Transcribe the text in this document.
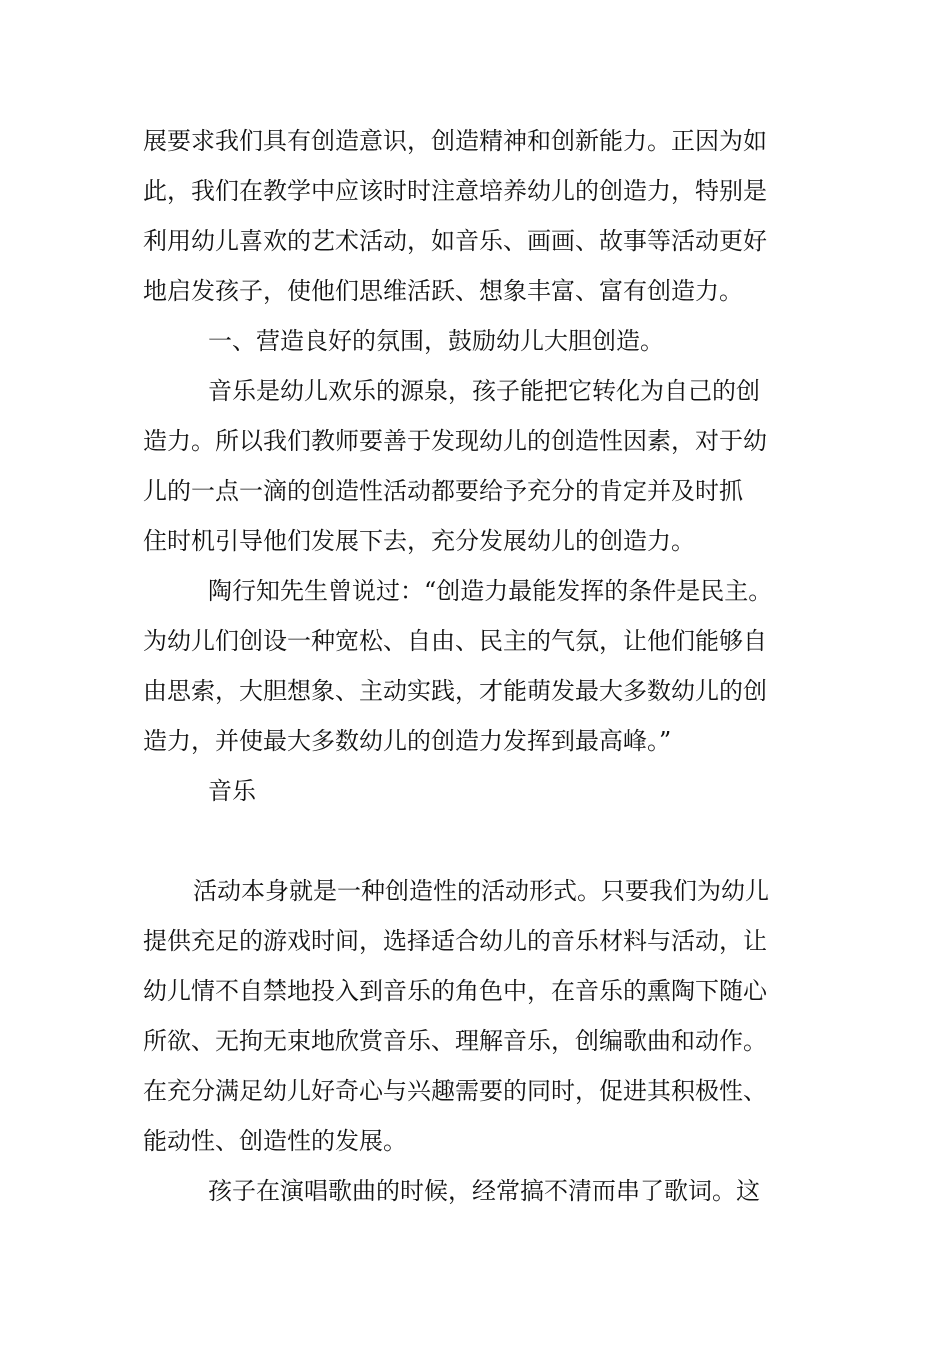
展要求我们具有创造意识，创造精神和创新能力。正因为如
此，我们在教学中应该时时注意培养幼儿的创造力，特别是
利用幼儿喜欢的艺术活动，如音乐、画画、故事等活动更好
地启发孩子，使他们思维活跃、想象丰富、富有创造力。
一、营造良好的氛围，鼓励幼儿大胆创造。
音乐是幼儿欢乐的源泉，孩子能把它转化为自己的创
造力。所以我们教师要善于发现幼儿的创造性因素，对于幼
儿的一点一滴的创造性活动都要给予充分的肯定并及时抓
住时机引导他们发展下去，充分发展幼儿的创造力。
陶行知先生曾说过：“创造力最能发挥的条件是民主。
为幼儿们创设一种宽松、自由、民主的气氛，让他们能够自
由思索，大胆想象、主动实践，才能萌发最大多数幼儿的创
造力，并使最大多数幼儿的创造力发挥到最高峰。”
音乐
活动本身就是一种创造性的活动形式。只要我们为幼儿
提供充足的游戏时间，选择适合幼儿的音乐材料与活动，让
幼儿情不自禁地投入到音乐的角色中，在音乐的熏陶下随心
所欲、无拘无束地欣赏音乐、理解音乐，创编歌曲和动作。
在充分满足幼儿好奇心与兴趣需要的同时，促进其积极性、
能动性、创造性的发展。
孩子在演唱歌曲的时候，经常搞不清而串了歌词。这
